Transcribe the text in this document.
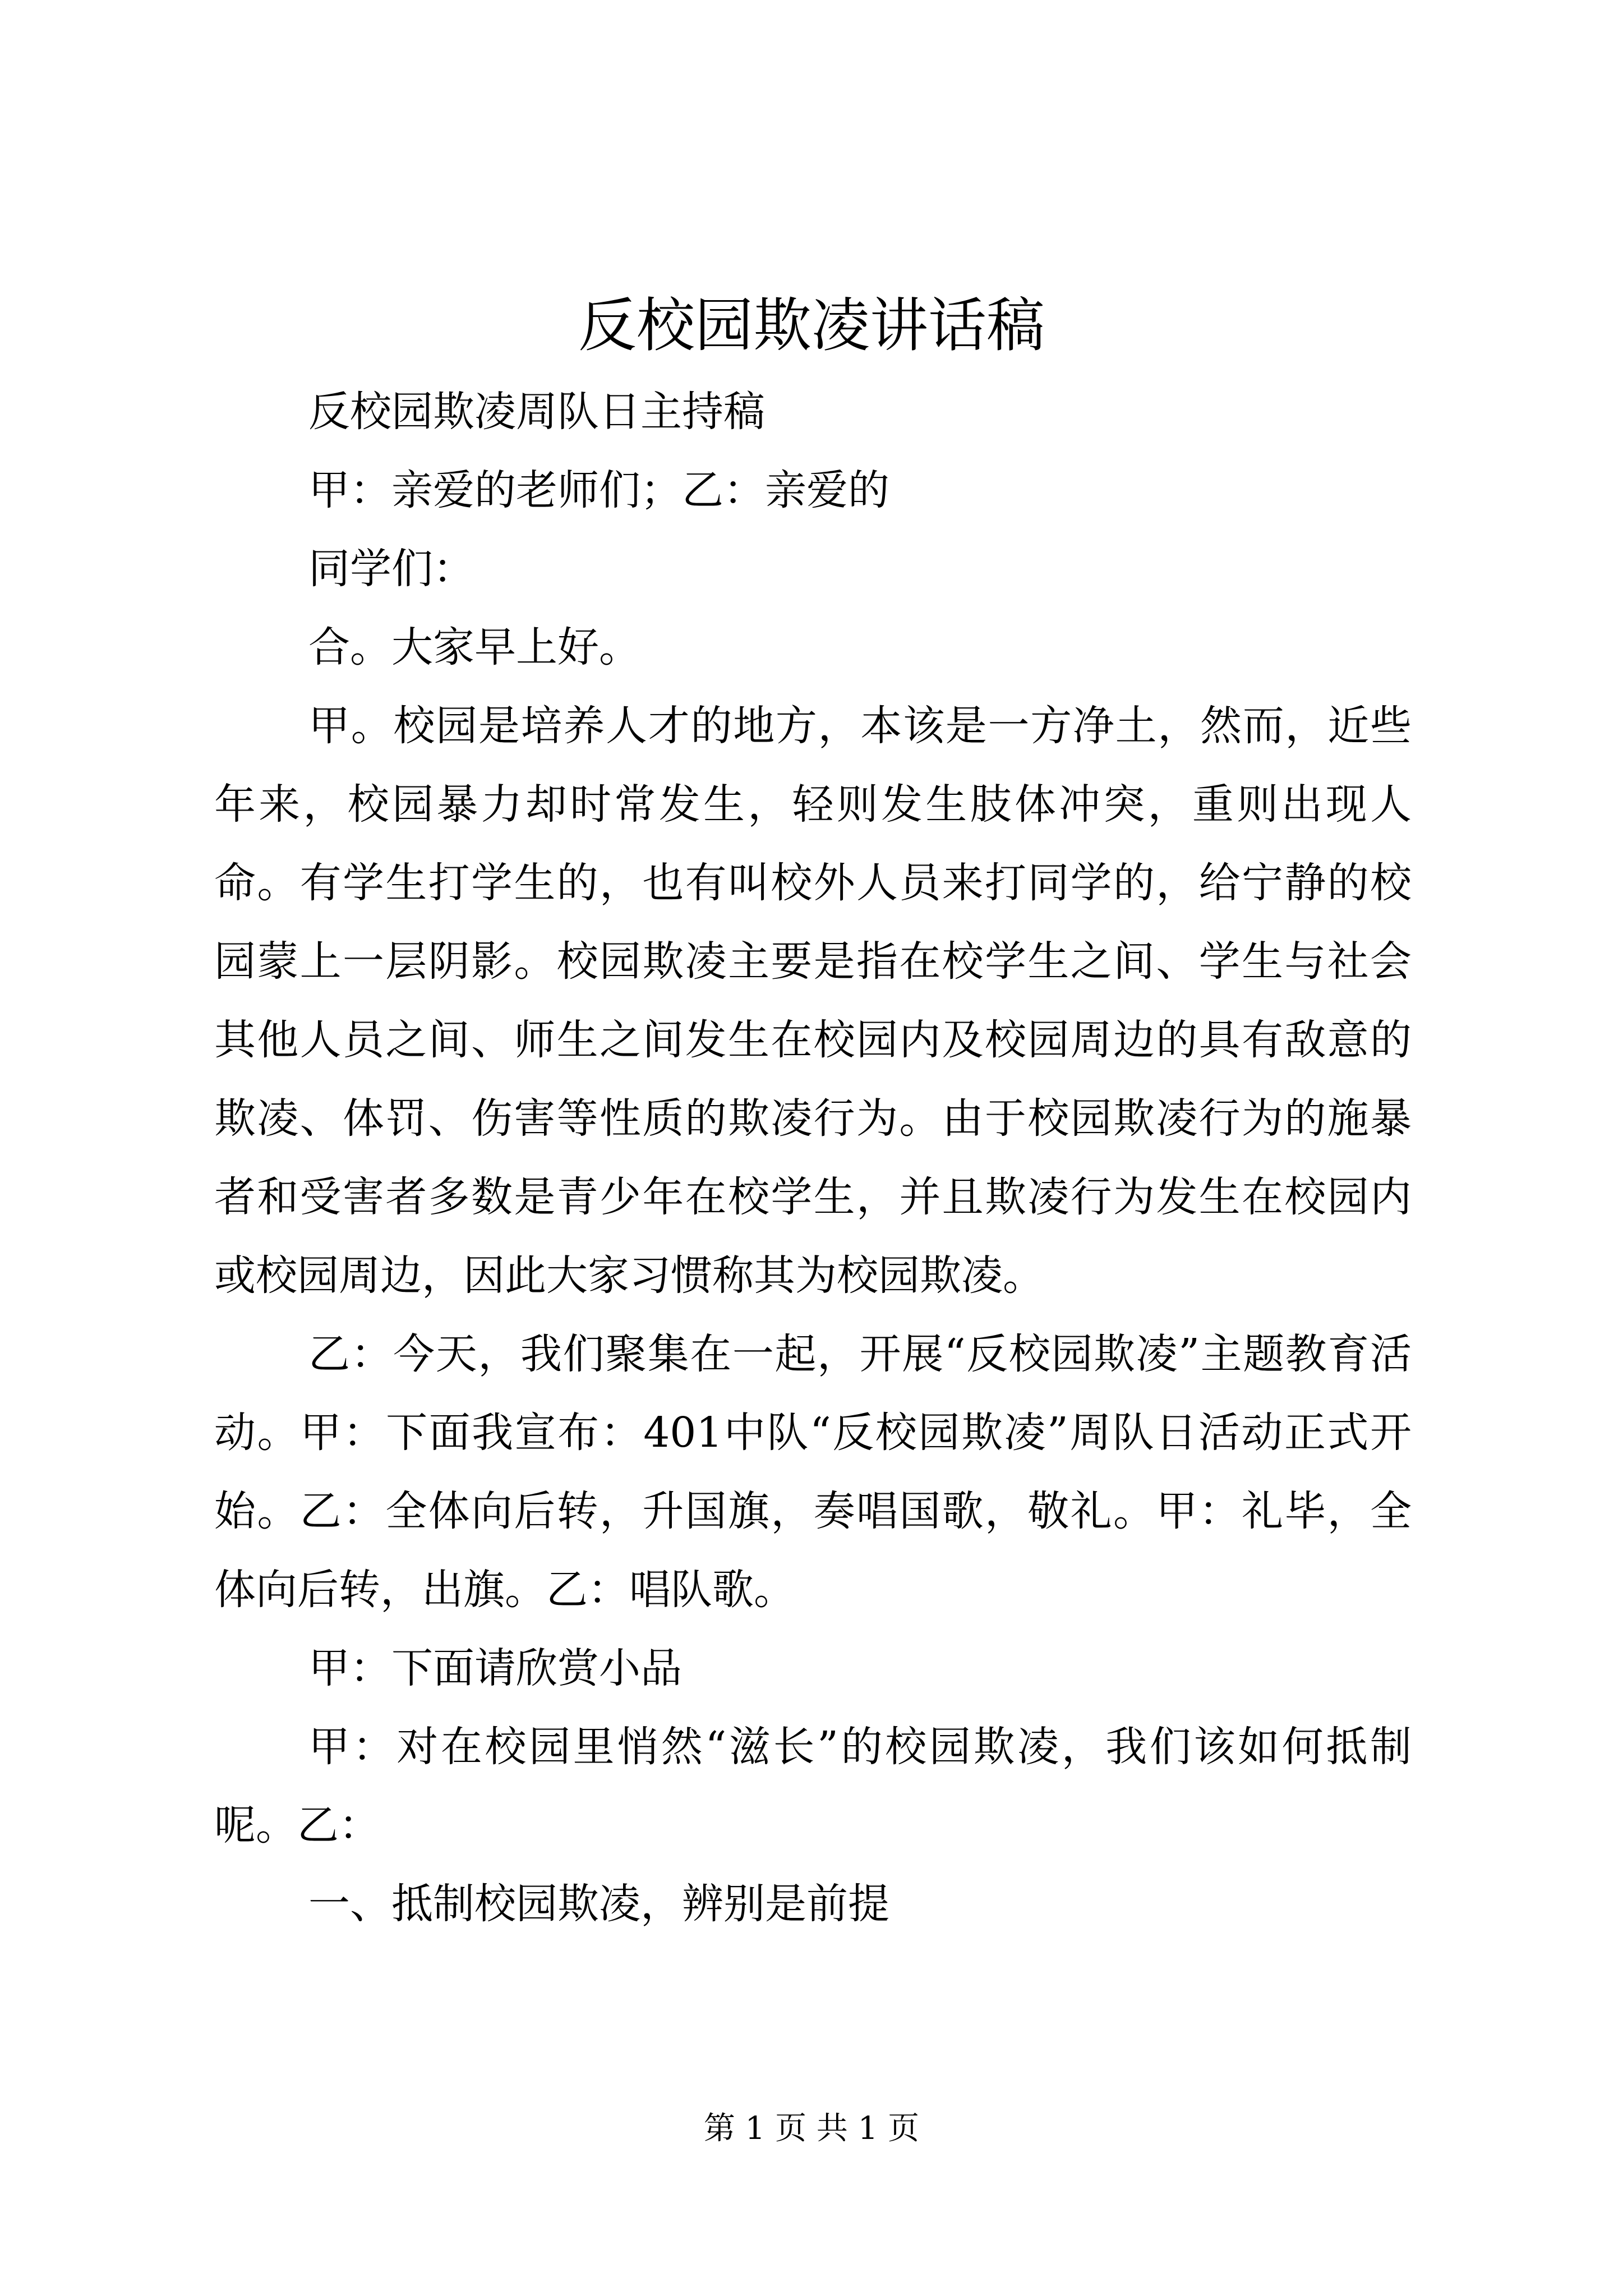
反校园欺凌讲话稿

反校园欺凌周队日主持稿

甲：亲爱的老师们；乙：亲爱的

同学们：

合。大家早上好。

甲。校园是培养人才的地方，本该是一方净土，然而，近些年来，校园暴力却时常发生，轻则发生肢体冲突，重则出现人命。有学生打学生的，也有叫校外人员来打同学的，给宁静的校园蒙上一层阴影。校园欺凌主要是指在校学生之间、学生与社会其他人员之间、师生之间发生在校园内及校园周边的具有敌意的欺凌、体罚、伤害等性质的欺凌行为。由于校园欺凌行为的施暴者和受害者多数是青少年在校学生，并且欺凌行为发生在校园内或校园周边，因此大家习惯称其为校园欺凌。

乙：今天，我们聚集在一起，开展“反校园欺凌”主题教育活动。甲：下面我宣布：401中队“反校园欺凌”周队日活动正式开始。乙：全体向后转，升国旗，奏唱国歌，敬礼。甲：礼毕，全体向后转，出旗。乙：唱队歌。

甲：下面请欣赏小品

甲：对在校园里悄然“滋长”的校园欺凌，我们该如何抵制呢。乙：

一、抵制校园欺凌，辨别是前提

第 1 页 共 1 页
